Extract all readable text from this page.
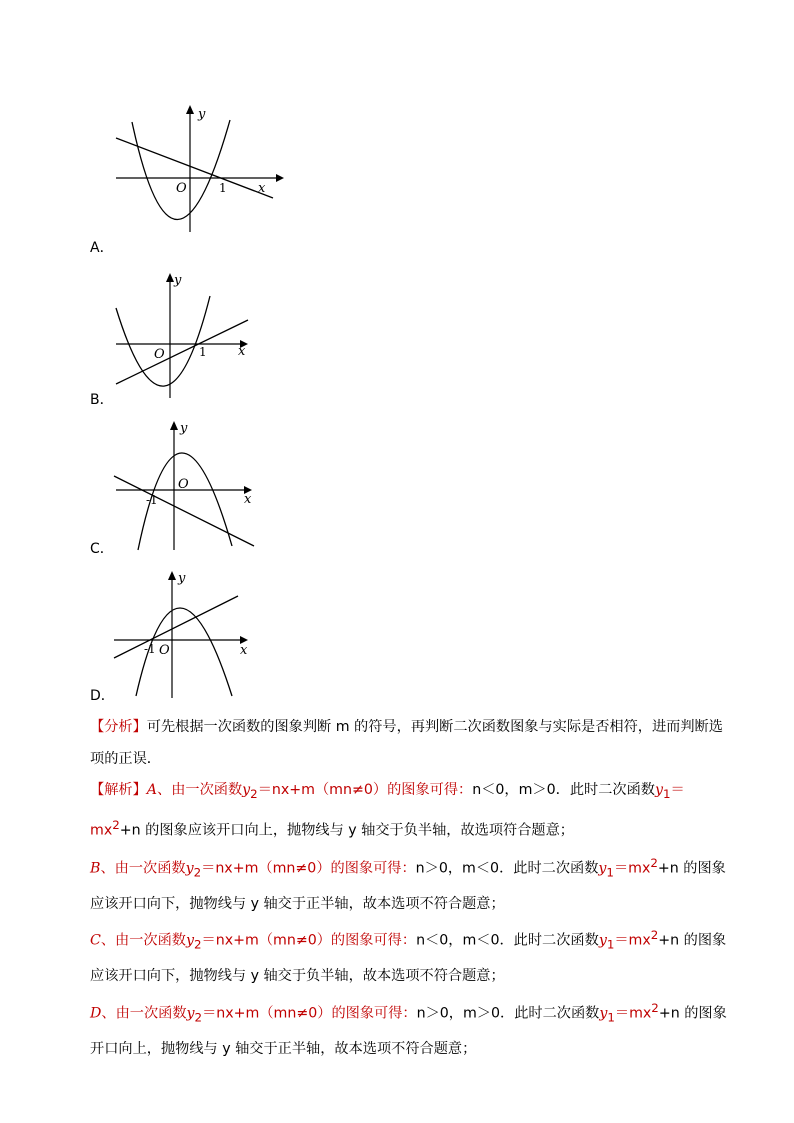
y
x
O	1
A．
y
x
O	1
B．
y
x
O
-1
C．
y
x
O
-1
D．

【分析】可先根据一次函数的图象判断 m 的符号，再判断二次函数图象与实际是否相符，进而判断选项的正误．

【解析】A、由一次函数$y_2=nx+m(mn\ne 0)$的图象可得：n＜0，m＞0．此时二次函数$y_1=mx^2+n$ 的图象应该开口向上，抛物线与 y 轴交于负半轴，故选项符合题意；

B、由一次函数$y_2=nx+m(mn\ne 0)$的图象可得：n＞0，m＜0．此时二次函数$y_1=mx^2+n$ 的图象应该开口向下，抛物线与 y 轴交于正半轴，故本选项不符合题意；

C、由一次函数$y_2=nx+m(mn\ne 0)$的图象可得：n＜0，m＜0．此时二次函数$y_1=mx^2+n$ 的图象应该开口向下，抛物线与 y 轴交于负半轴，故本选项不符合题意；

D、由一次函数$y_2=nx+m(mn\ne 0)$的图象可得：n＞0，m＞0．此时二次函数$y_1=mx^2+n$ 的图象开口向上，抛物线与 y 轴交于正半轴，故本选项不符合题意；
